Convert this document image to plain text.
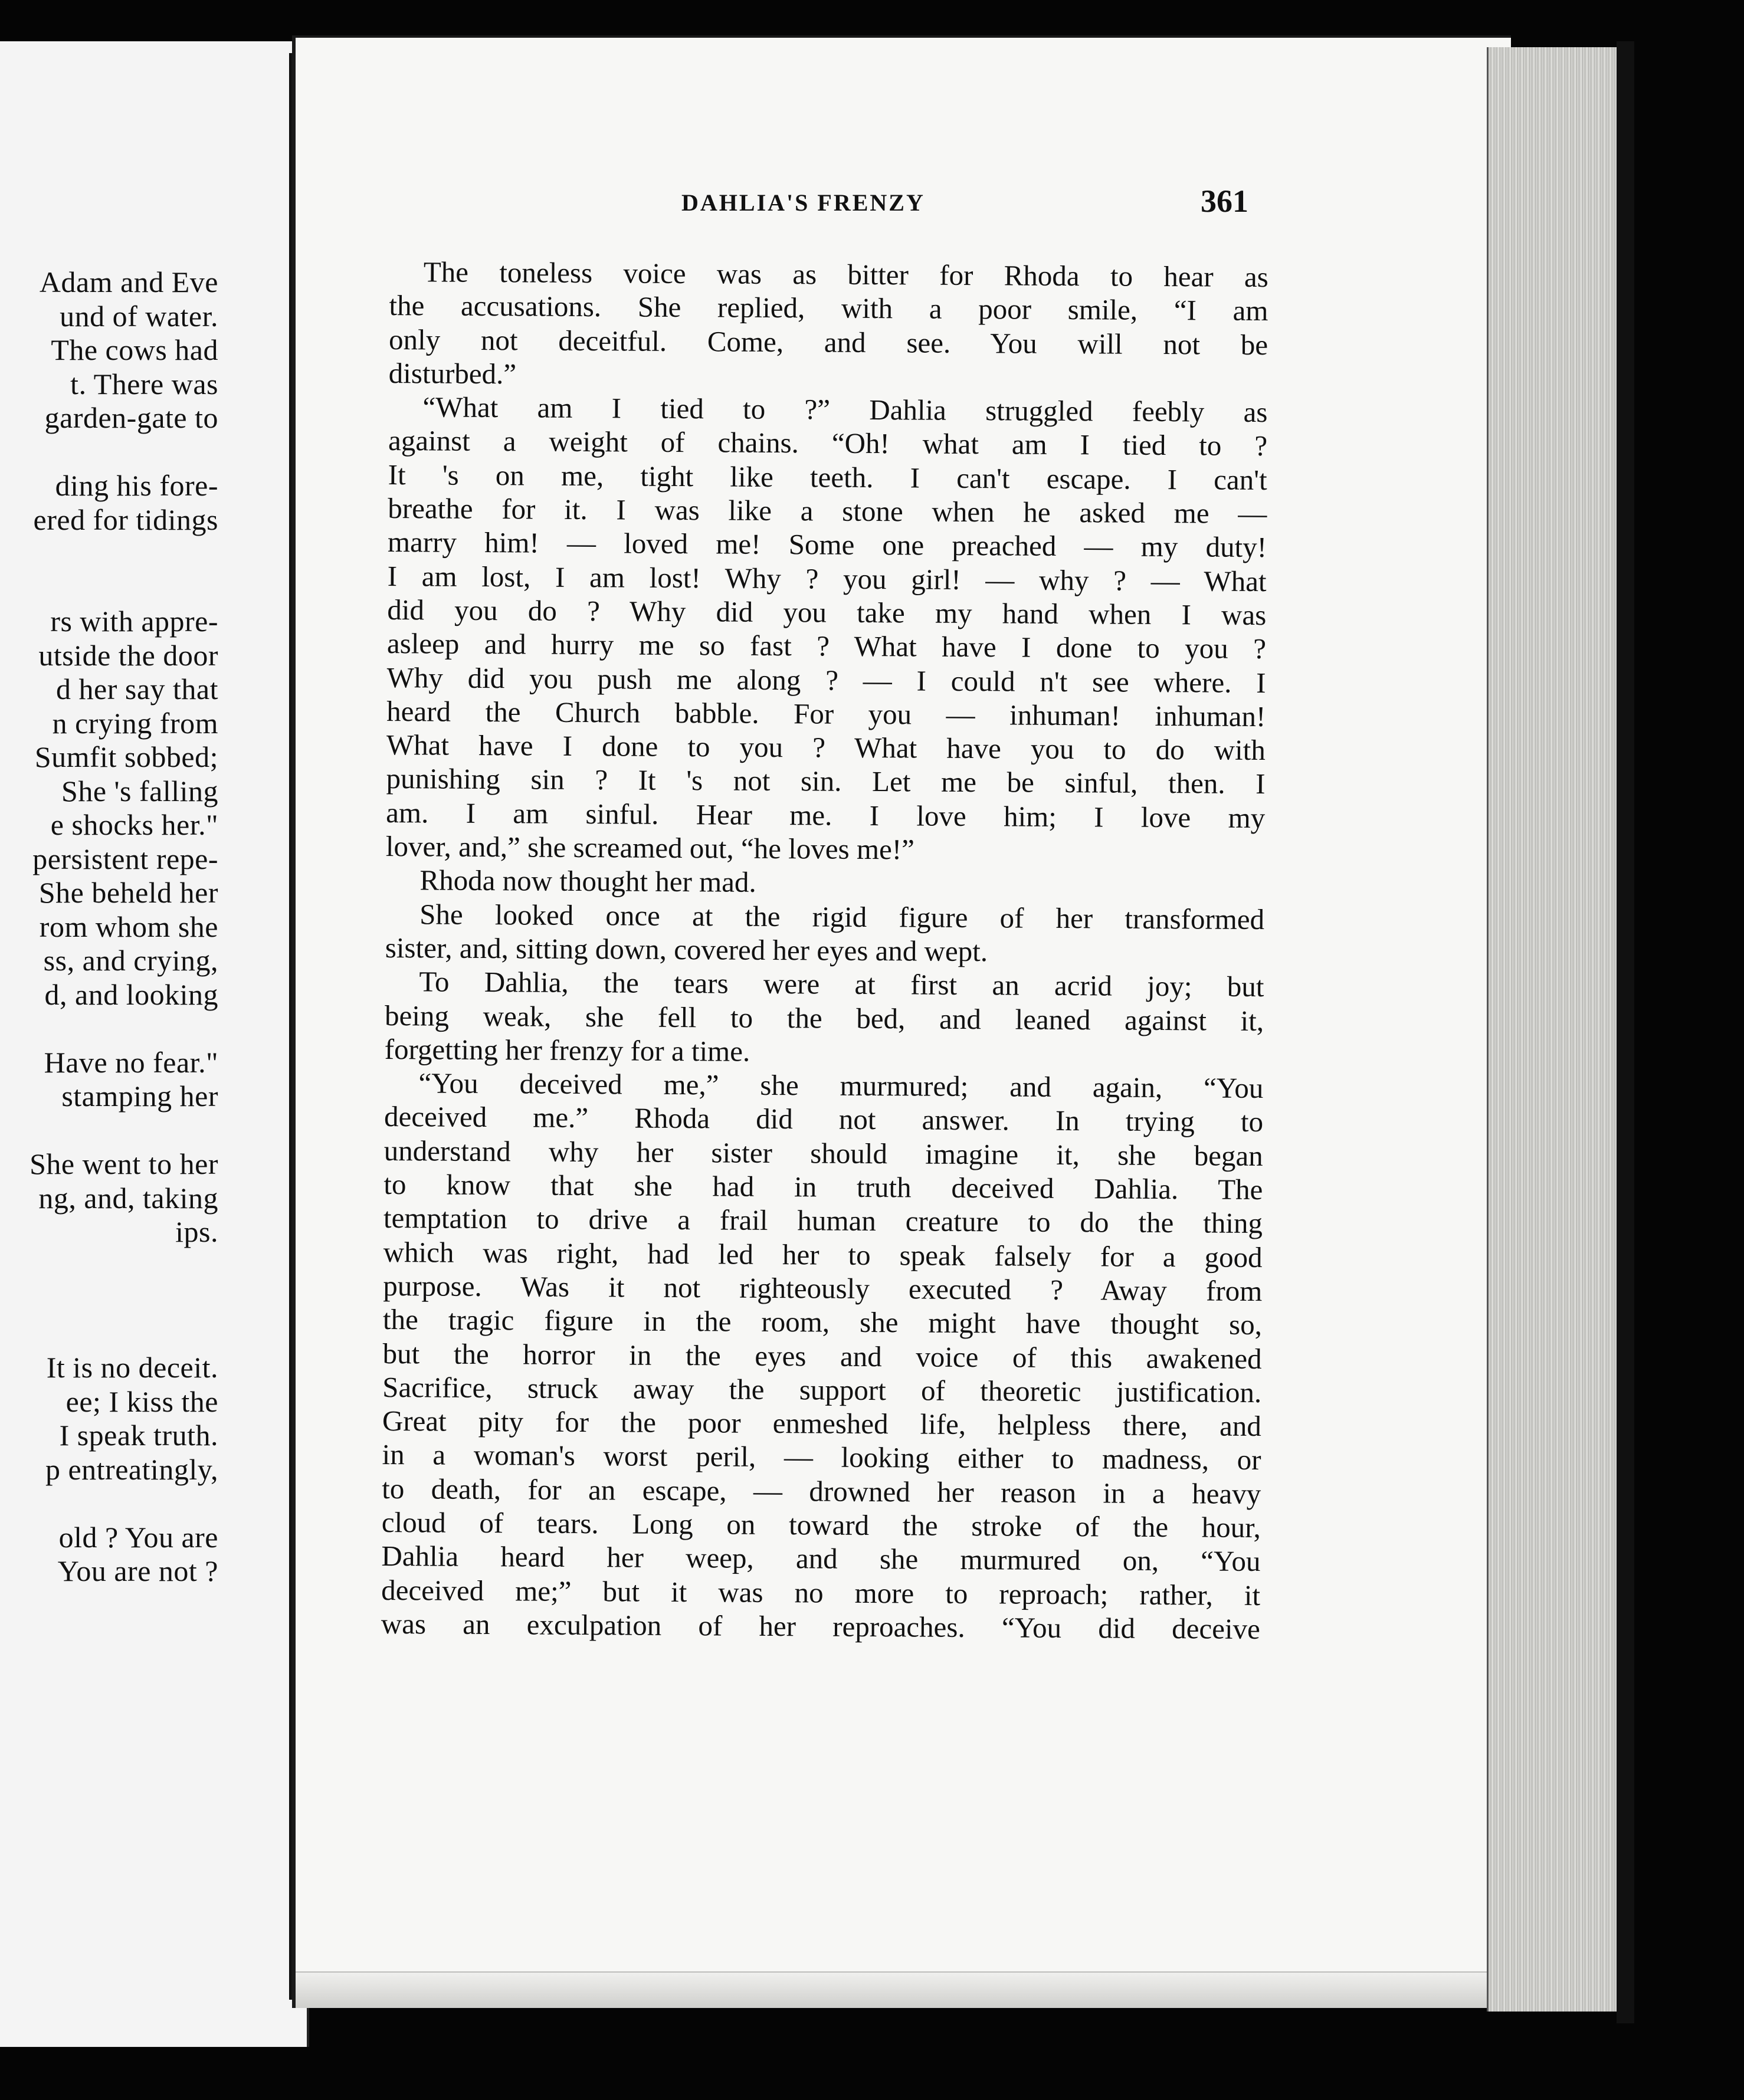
Adam and Eve
und of water.
The cows had
t. There was
garden-gate to
ding his fore-
ered for tidings
rs with appre-
utside the door
d her say that
n crying from
Sumfit sobbed;
She 's falling
e shocks her."
persistent repe-
She beheld her
rom whom she
ss, and crying,
d, and looking
Have no fear."
stamping her
She went to her
ng, and, taking
ips.
It is no deceit.
ee; I kiss the
I speak truth.
p entreatingly,
old ? You are
You are not ?
DAHLIA'S FRENZY	361
The toneless voice was as bitter for Rhoda to hear as
the accusations. She replied, with a poor smile, “I am
only not deceitful. Come, and see. You will not be
disturbed.”
“What am I tied to ?” Dahlia struggled feebly as
against a weight of chains. “Oh! what am I tied to ?
It 's on me, tight like teeth. I can't escape. I can't
breathe for it. I was like a stone when he asked me —
marry him! — loved me! Some one preached — my duty!
I am lost, I am lost! Why ? you girl! — why ? — What
did you do ? Why did you take my hand when I was
asleep and hurry me so fast ? What have I done to you ?
Why did you push me along ? — I could n't see where. I
heard the Church babble. For you — inhuman! inhuman!
What have I done to you ? What have you to do with
punishing sin ? It 's not sin. Let me be sinful, then. I
am. I am sinful. Hear me. I love him; I love my
lover, and,” she screamed out, “he loves me!”
Rhoda now thought her mad.
She looked once at the rigid figure of her transformed
sister, and, sitting down, covered her eyes and wept.
To Dahlia, the tears were at first an acrid joy; but
being weak, she fell to the bed, and leaned against it,
forgetting her frenzy for a time.
“You deceived me,” she murmured; and again, “You
deceived me.” Rhoda did not answer. In trying to
understand why her sister should imagine it, she began
to know that she had in truth deceived Dahlia. The
temptation to drive a frail human creature to do the thing
which was right, had led her to speak falsely for a good
purpose. Was it not righteously executed ? Away from
the tragic figure in the room, she might have thought so,
but the horror in the eyes and voice of this awakened
Sacrifice, struck away the support of theoretic justification.
Great pity for the poor enmeshed life, helpless there, and
in a woman's worst peril, — looking either to madness, or
to death, for an escape, — drowned her reason in a heavy
cloud of tears. Long on toward the stroke of the hour,
Dahlia heard her weep, and she murmured on, “You
deceived me;” but it was no more to reproach; rather, it
was an exculpation of her reproaches. “You did deceive
